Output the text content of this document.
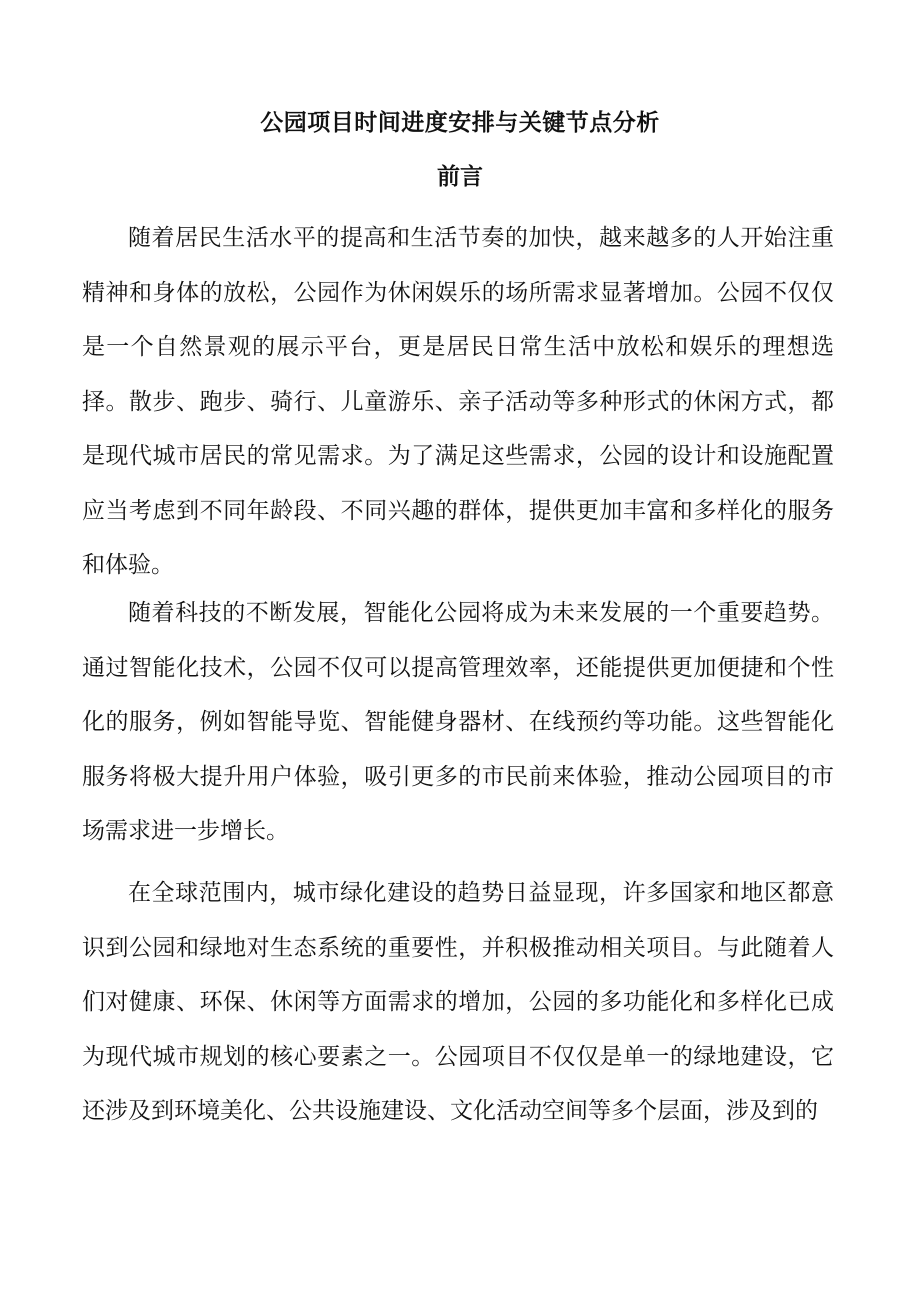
公园项目时间进度安排与关键节点分析
前言

随着居民生活水平的提高和生活节奏的加快，越来越多的人开始注重精神和身体的放松，公园作为休闲娱乐的场所需求显著增加。公园不仅仅是一个自然景观的展示平台，更是居民日常生活中放松和娱乐的理想选择。散步、跑步、骑行、儿童游乐、亲子活动等多种形式的休闲方式，都是现代城市居民的常见需求。为了满足这些需求，公园的设计和设施配置应当考虑到不同年龄段、不同兴趣的群体，提供更加丰富和多样化的服务和体验。

随着科技的不断发展，智能化公园将成为未来发展的一个重要趋势。通过智能化技术，公园不仅可以提高管理效率，还能提供更加便捷和个性化的服务，例如智能导览、智能健身器材、在线预约等功能。这些智能化服务将极大提升用户体验，吸引更多的市民前来体验，推动公园项目的市场需求进一步增长。

在全球范围内，城市绿化建设的趋势日益显现，许多国家和地区都意识到公园和绿地对生态系统的重要性，并积极推动相关项目。与此随着人们对健康、环保、休闲等方面需求的增加，公园的多功能化和多样化已成为现代城市规划的核心要素之一。公园项目不仅仅是单一的绿地建设，它还涉及到环境美化、公共设施建设、文化活动空间等多个层面，涉及到的
